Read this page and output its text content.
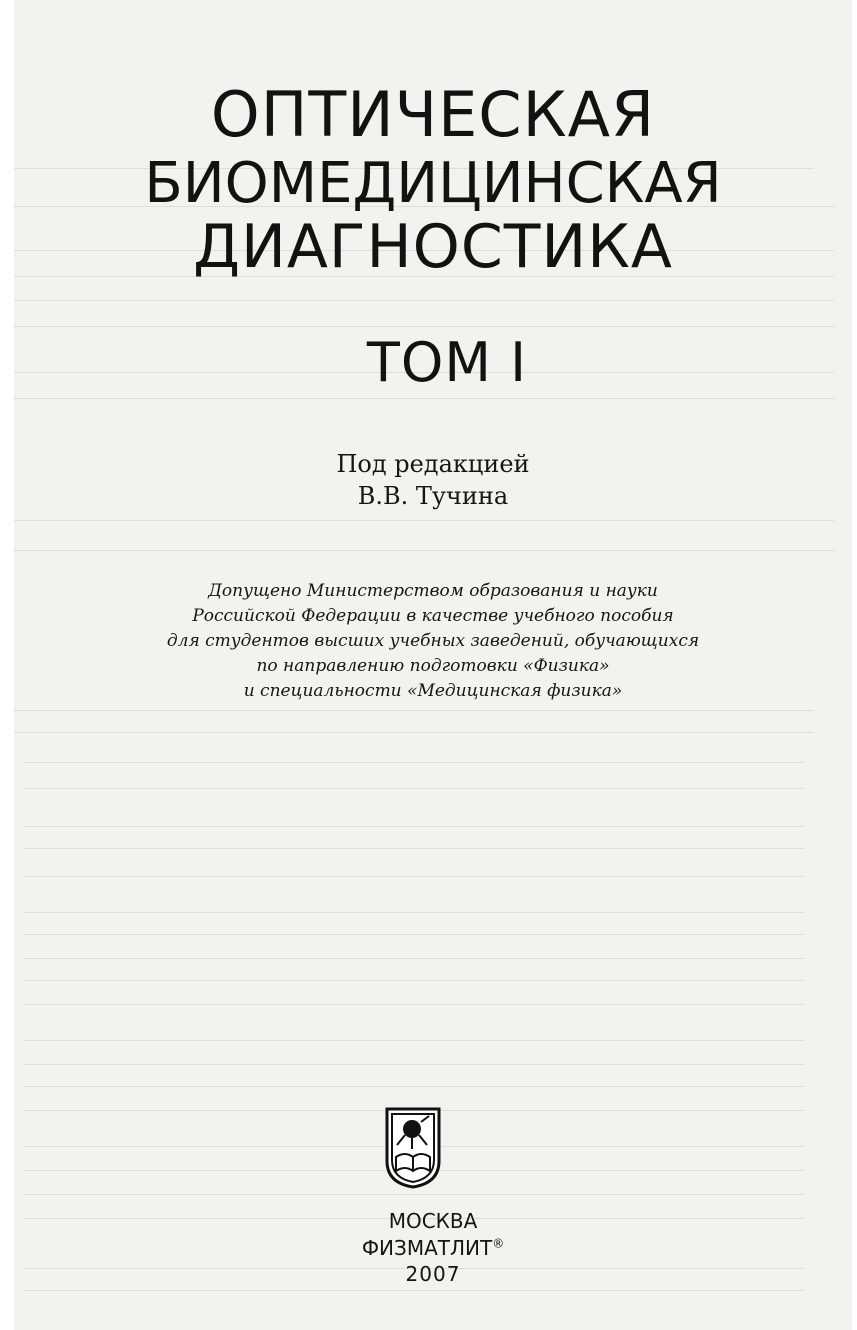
ОПТИЧЕСКАЯ
БИОМЕДИЦИНСКАЯ
ДИАГНОСТИКА
ТОМ I
Под редакцией
В.В. Тучина
Допущено Министерством образования и науки
Российской Федерации в качестве учебного пособия
для студентов высших учебных заведений, обучающихся
по направлению подготовки «Физика»
и специальности «Медицинская физика»
МОСКВА
ФИЗМАТЛИТ®
2007
